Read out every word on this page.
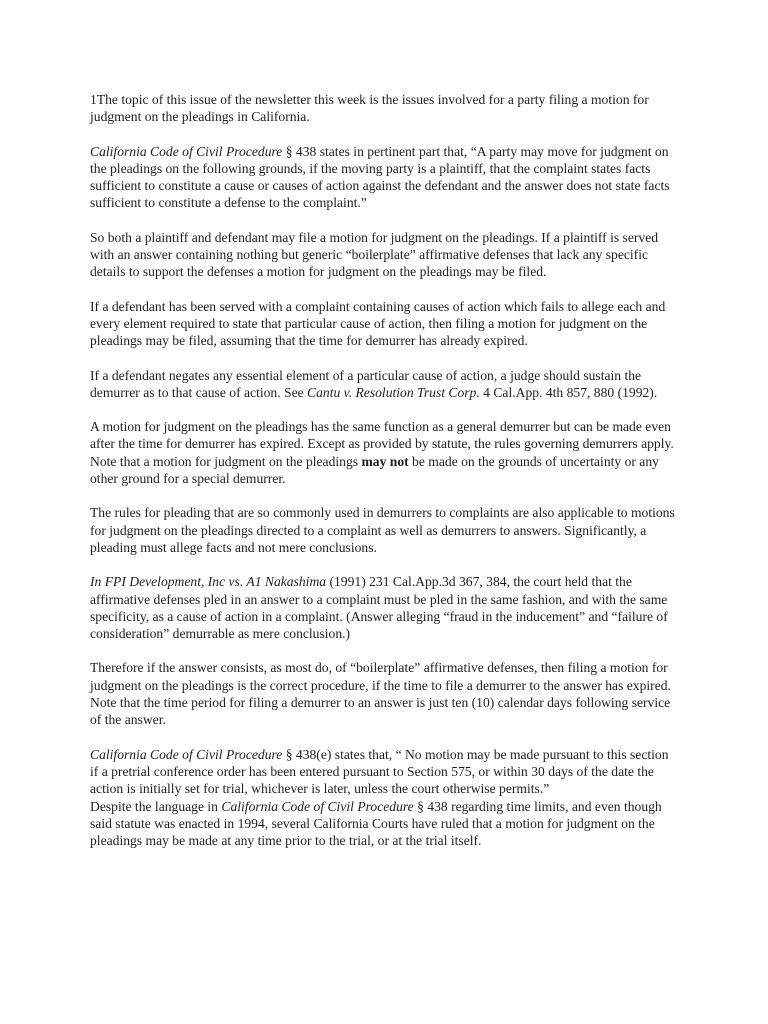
1The topic of this issue of the newsletter this week is the issues involved for a party filing a motion for judgment on the pleadings in California.

California Code of Civil Procedure § 438 states in pertinent part that, “A party may move for judgment on the pleadings on the following grounds, if the moving party is a plaintiff, that the complaint states facts sufficient to constitute a cause or causes of action against the defendant and the answer does not state facts sufficient to constitute a defense to the complaint.”

So both a plaintiff and defendant may file a motion for judgment on the pleadings. If a plaintiff is served with an answer containing nothing but generic “boilerplate” affirmative defenses that lack any specific details to support the defenses a motion for judgment on the pleadings may be filed.

If a defendant has been served with a complaint containing causes of action which fails to allege each and every element required to state that particular cause of action, then filing a motion for judgment on the pleadings may be filed, assuming that the time for demurrer has already expired.

If a defendant negates any essential element of a particular cause of action, a judge should sustain the demurrer as to that cause of action. See Cantu v. Resolution Trust Corp. 4 Cal.App. 4th 857, 880 (1992).

A motion for judgment on the pleadings has the same function as a general demurrer but can be made even after the time for demurrer has expired. Except as provided by statute, the rules governing demurrers apply. Note that a motion for judgment on the pleadings may not be made on the grounds of uncertainty or any other ground for a special demurrer.

The rules for pleading that are so commonly used in demurrers to complaints are also applicable to motions for judgment on the pleadings directed to a complaint as well as demurrers to answers. Significantly, a pleading must allege facts and not mere conclusions.

In FPI Development, Inc vs. A1 Nakashima (1991) 231 Cal.App.3d 367, 384, the court held that the affirmative defenses pled in an answer to a complaint must be pled in the same fashion, and with the same specificity, as a cause of action in a complaint. (Answer alleging “fraud in the inducement” and “failure of consideration” demurrable as mere conclusion.)

Therefore if the answer consists, as most do, of “boilerplate” affirmative defenses, then filing a motion for judgment on the pleadings is the correct procedure, if the time to file a demurrer to the answer has expired. Note that the time period for filing a demurrer to an answer is just ten (10) calendar days following service of the answer.

California Code of Civil Procedure § 438(e) states that, “ No motion may be made pursuant to this section if a pretrial conference order has been entered pursuant to Section 575, or within 30 days of the date the action is initially set for trial, whichever is later, unless the court otherwise permits.”

Despite the language in California Code of Civil Procedure § 438 regarding time limits, and even though said statute was enacted in 1994, several California Courts have ruled that a motion for judgment on the pleadings may be made at any time prior to the trial, or at the trial itself.
